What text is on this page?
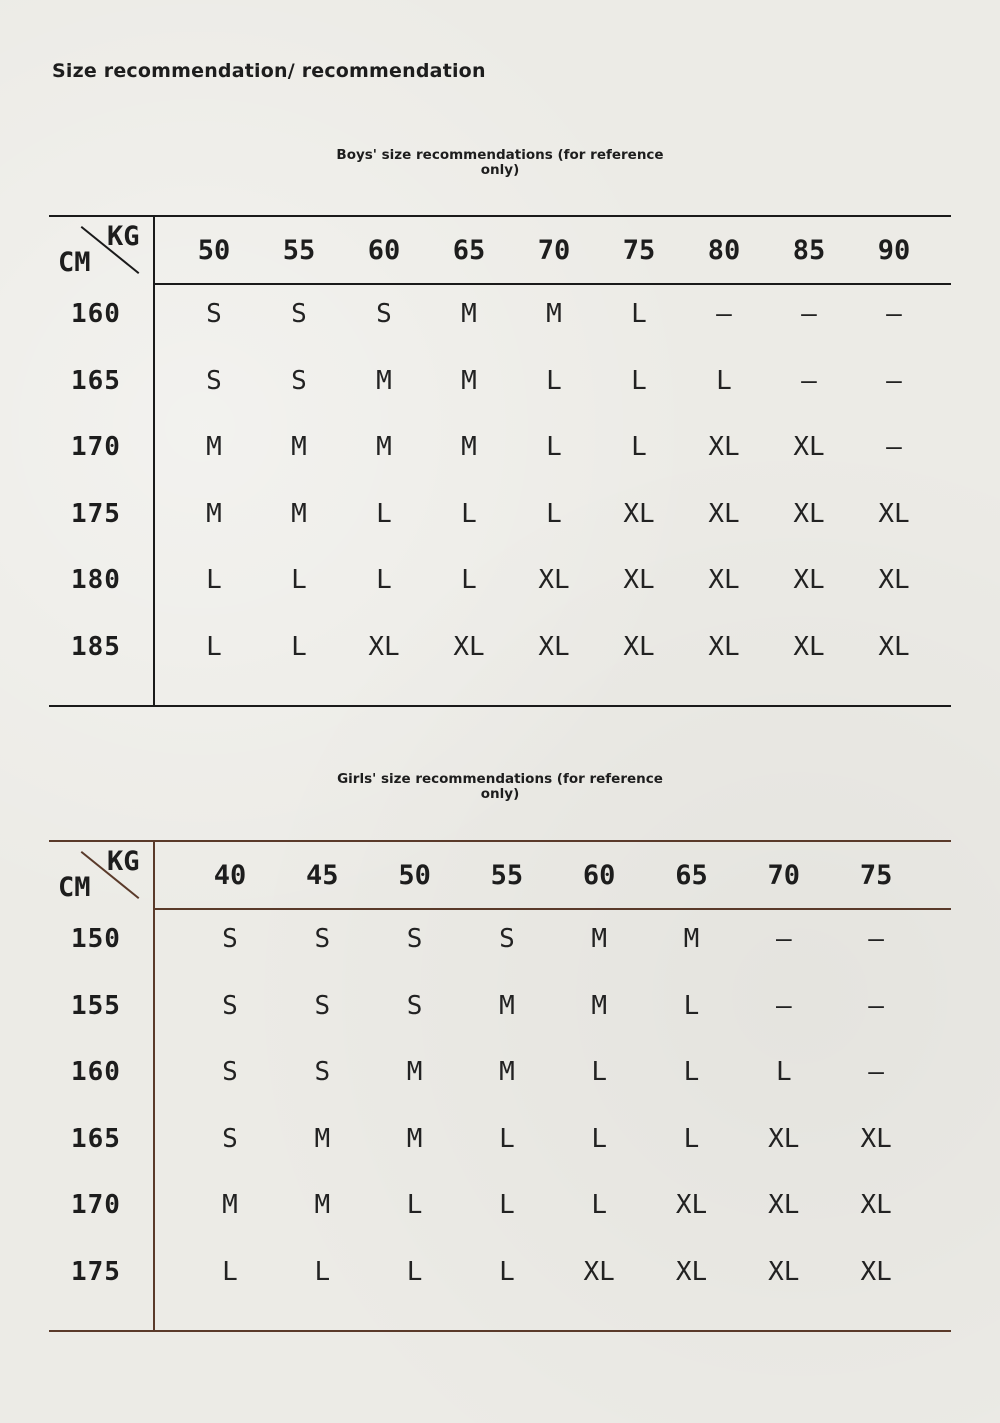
Size recommendation/ recommendation
Boys' size recommendations (for reference only)
KG
CM	50	55	60	65	70	75	80	85	90
160	S	S	S	M	M	L	—	—	—
165	S	S	M	M	L	L	L	—	—
170	M	M	M	M	L	L	XL	XL	—
175	M	M	L	L	L	XL	XL	XL	XL
180	L	L	L	L	XL	XL	XL	XL	XL
185	L	L	XL	XL	XL	XL	XL	XL	XL
Girls' size recommendations (for reference only)
KG
CM	40	45	50	55	60	65	70	75
150	S	S	S	S	M	M	—	—
155	S	S	S	M	M	L	—	—
160	S	S	M	M	L	L	L	—
165	S	M	M	L	L	L	XL	XL
170	M	M	L	L	L	XL	XL	XL
175	L	L	L	L	XL	XL	XL	XL
